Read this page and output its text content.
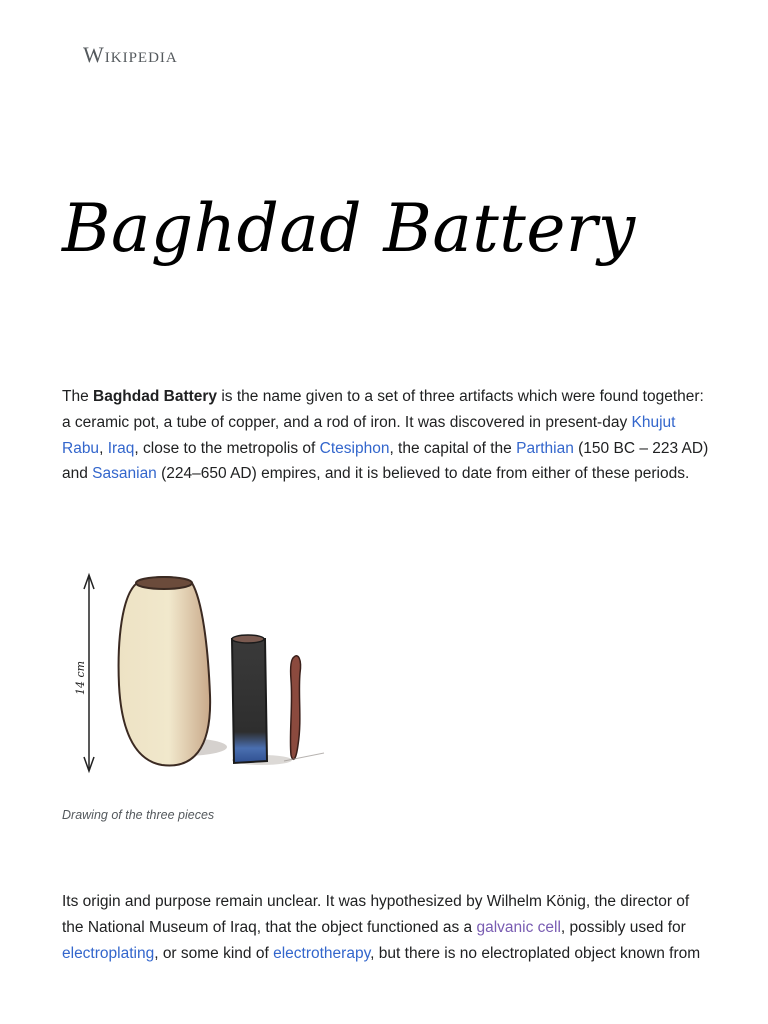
Wikipedia
Baghdad Battery

The Baghdad Battery is the name given to a set of three artifacts which were found together: a ceramic pot, a tube of copper, and a rod of iron. It was discovered in present-day Khujut Rabu, Iraq, close to the metropolis of Ctesiphon, the capital of the Parthian (150 BC – 223 AD) and Sasanian (224–650 AD) empires, and it is believed to date from either of these periods.

14 cm
Drawing of the three pieces

Its origin and purpose remain unclear. It was hypothesized by Wilhelm König, the director of the National Museum of Iraq, that the object functioned as a galvanic cell, possibly used for electroplating, or some kind of electrotherapy, but there is no electroplated object known from
